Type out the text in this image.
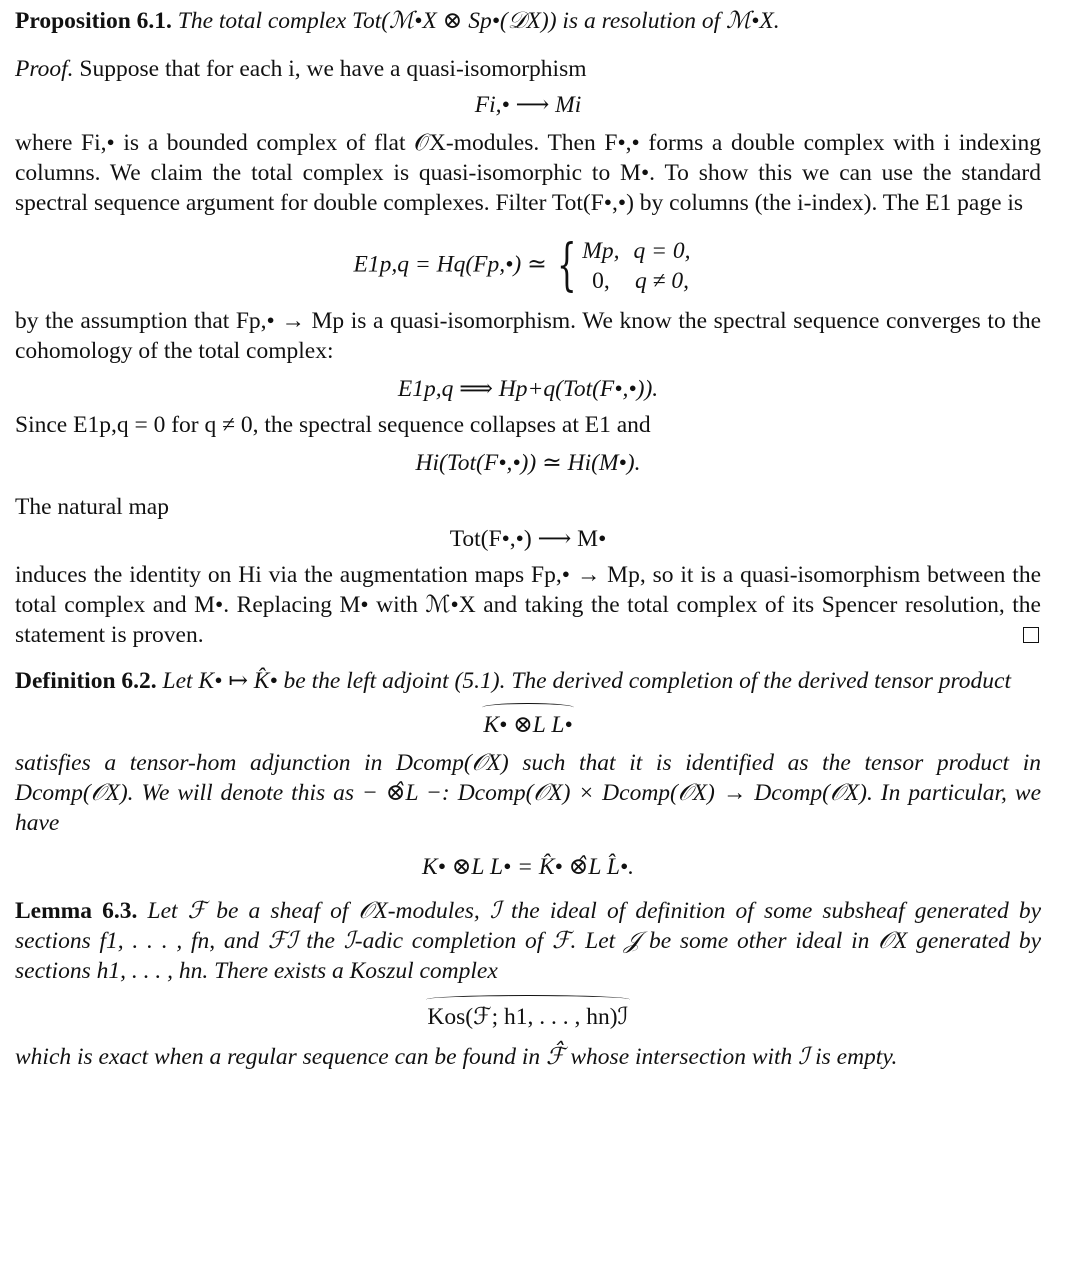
Proposition 6.1. The total complex Tot(ℳ•X ⊗ Sp•(𝒟X)) is a resolution of ℳ•X.

Proof. Suppose that for each i, we have a quasi-isomorphism

Fi,• ⟶ Mi

where Fi,• is a bounded complex of flat 𝒪X-modules. Then F•,• forms a double complex with i indexing columns. We claim the total complex is quasi-isomorphic to M•. To show this we can use the standard spectral sequence argument for double complexes. Filter Tot(F•,•) by columns (the i-index). The E1 page is

E1p,q = Hq(Fp,•) ≃ { Mp,	q = 0,
0,	q ≠ 0,

by the assumption that Fp,• → Mp is a quasi-isomorphism. We know the spectral sequence converges to the cohomology of the total complex:

E1p,q ⟹ Hp+q(Tot(F•,•)).

Since E1p,q = 0 for q ≠ 0, the spectral sequence collapses at E1 and

Hi(Tot(F•,•)) ≃ Hi(M•).

The natural map

Tot(F•,•) ⟶ M•

induces the identity on Hi via the augmentation maps Fp,• → Mp, so it is a quasi-isomorphism between the total complex and M•. Replacing M• with ℳ•X and taking the total complex of its Spencer resolution, the statement is proven.

Definition 6.2. Let K• ↦ K̂• be the left adjoint (5.1). The derived completion of the derived tensor product

K• ⊗L L•

satisfies a tensor-hom adjunction in Dcomp(𝒪X) such that it is identified as the tensor product in Dcomp(𝒪X). We will denote this as − ⊗̂L −: Dcomp(𝒪X) × Dcomp(𝒪X) → Dcomp(𝒪X). In particular, we have

K• ⊗L L• = K̂• ⊗̂L L̂•.

Lemma 6.3. Let ℱ be a sheaf of 𝒪X-modules, ℐ the ideal of definition of some subsheaf generated by sections f1, . . . , fn, and ℱℐ the ℐ-adic completion of ℱ. Let 𝒥 be some other ideal in 𝒪X generated by sections h1, . . . , hn. There exists a Koszul complex

Kos(ℱ; h1, . . . , hn)ℐ

which is exact when a regular sequence can be found in ℱ̂ whose intersection with ℐ is empty.
